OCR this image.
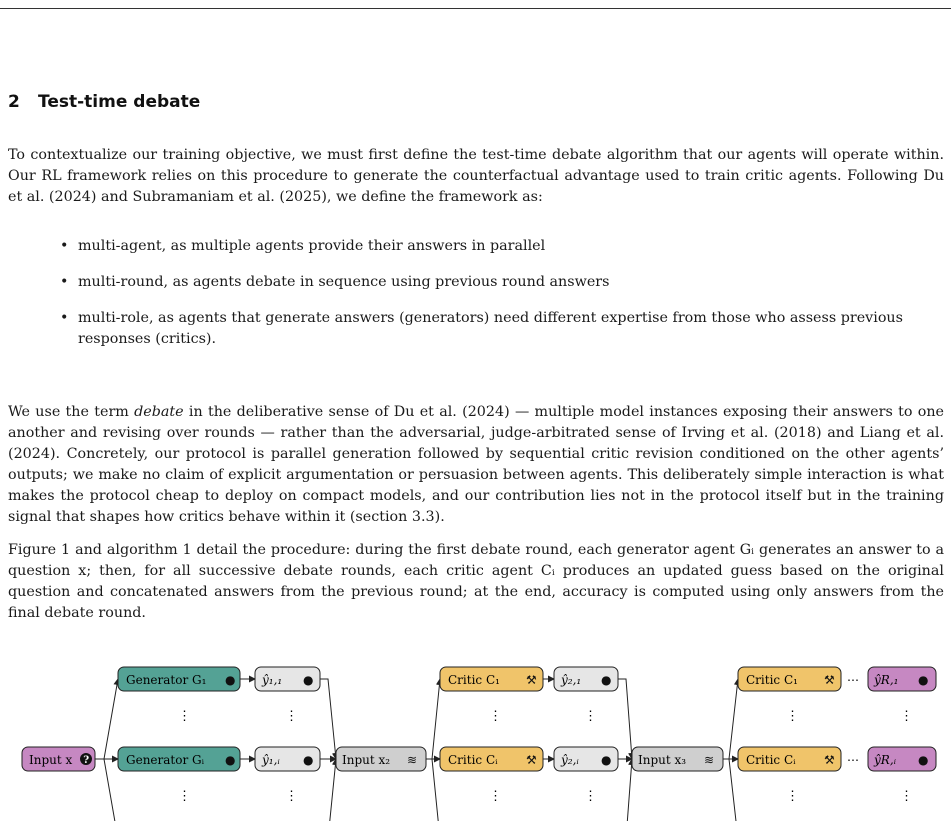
2 Test-time debate

To contextualize our training objective, we must first define the test-time debate algorithm that our agents will operate within. Our RL framework relies on this procedure to generate the counterfactual advantage used to train critic agents. Following Du et al. (2024) and Subramaniam et al. (2025), we define the framework as:

• multi-agent, as multiple agents provide their answers in parallel
• multi-round, as agents debate in sequence using previous round answers
• multi-role, as agents that generate answers (generators) need different expertise from those who assess previous responses (critics).

We use the term debate in the deliberative sense of Du et al. (2024) — multiple model instances exposing their answers to one another and revising over rounds — rather than the adversarial, judge-arbitrated sense of Irving et al. (2018) and Liang et al. (2024). Concretely, our protocol is parallel generation followed by sequential critic revision conditioned on the other agents’ outputs; we make no claim of explicit argumentation or persuasion between agents. This deliberately simple interaction is what makes the protocol cheap to deploy on compact models, and our contribution lies not in the protocol itself but in the training signal that shapes how critics behave within it (section 3.3).

Figure 1 and algorithm 1 detail the procedure: during the first debate round, each generator agent Gᵢ generates an answer to a question x; then, for all successive debate rounds, each critic agent Cᵢ produces an updated guess based on the original question and concatenated answers from the previous round; at the end, accuracy is computed using only answers from the final debate round.

Input x ?
Generator G₁ ●
Generator Gᵢ ●
⋮
⋮
ŷ₁,₁ ●
ŷ₁,ᵢ ●
⋮
⋮
Input x₂ ≋
Critic C₁ ⚒
Critic Cᵢ ⚒
⋮
⋮
ŷ₂,₁ ●
ŷ₂,ᵢ ●
⋮
⋮
Input x₃ ≋
Critic C₁ ⚒
Critic Cᵢ ⚒
⋮
⋮
⋯
⋯
ŷR,₁ ●
ŷR,ᵢ ●
⋮
⋮
